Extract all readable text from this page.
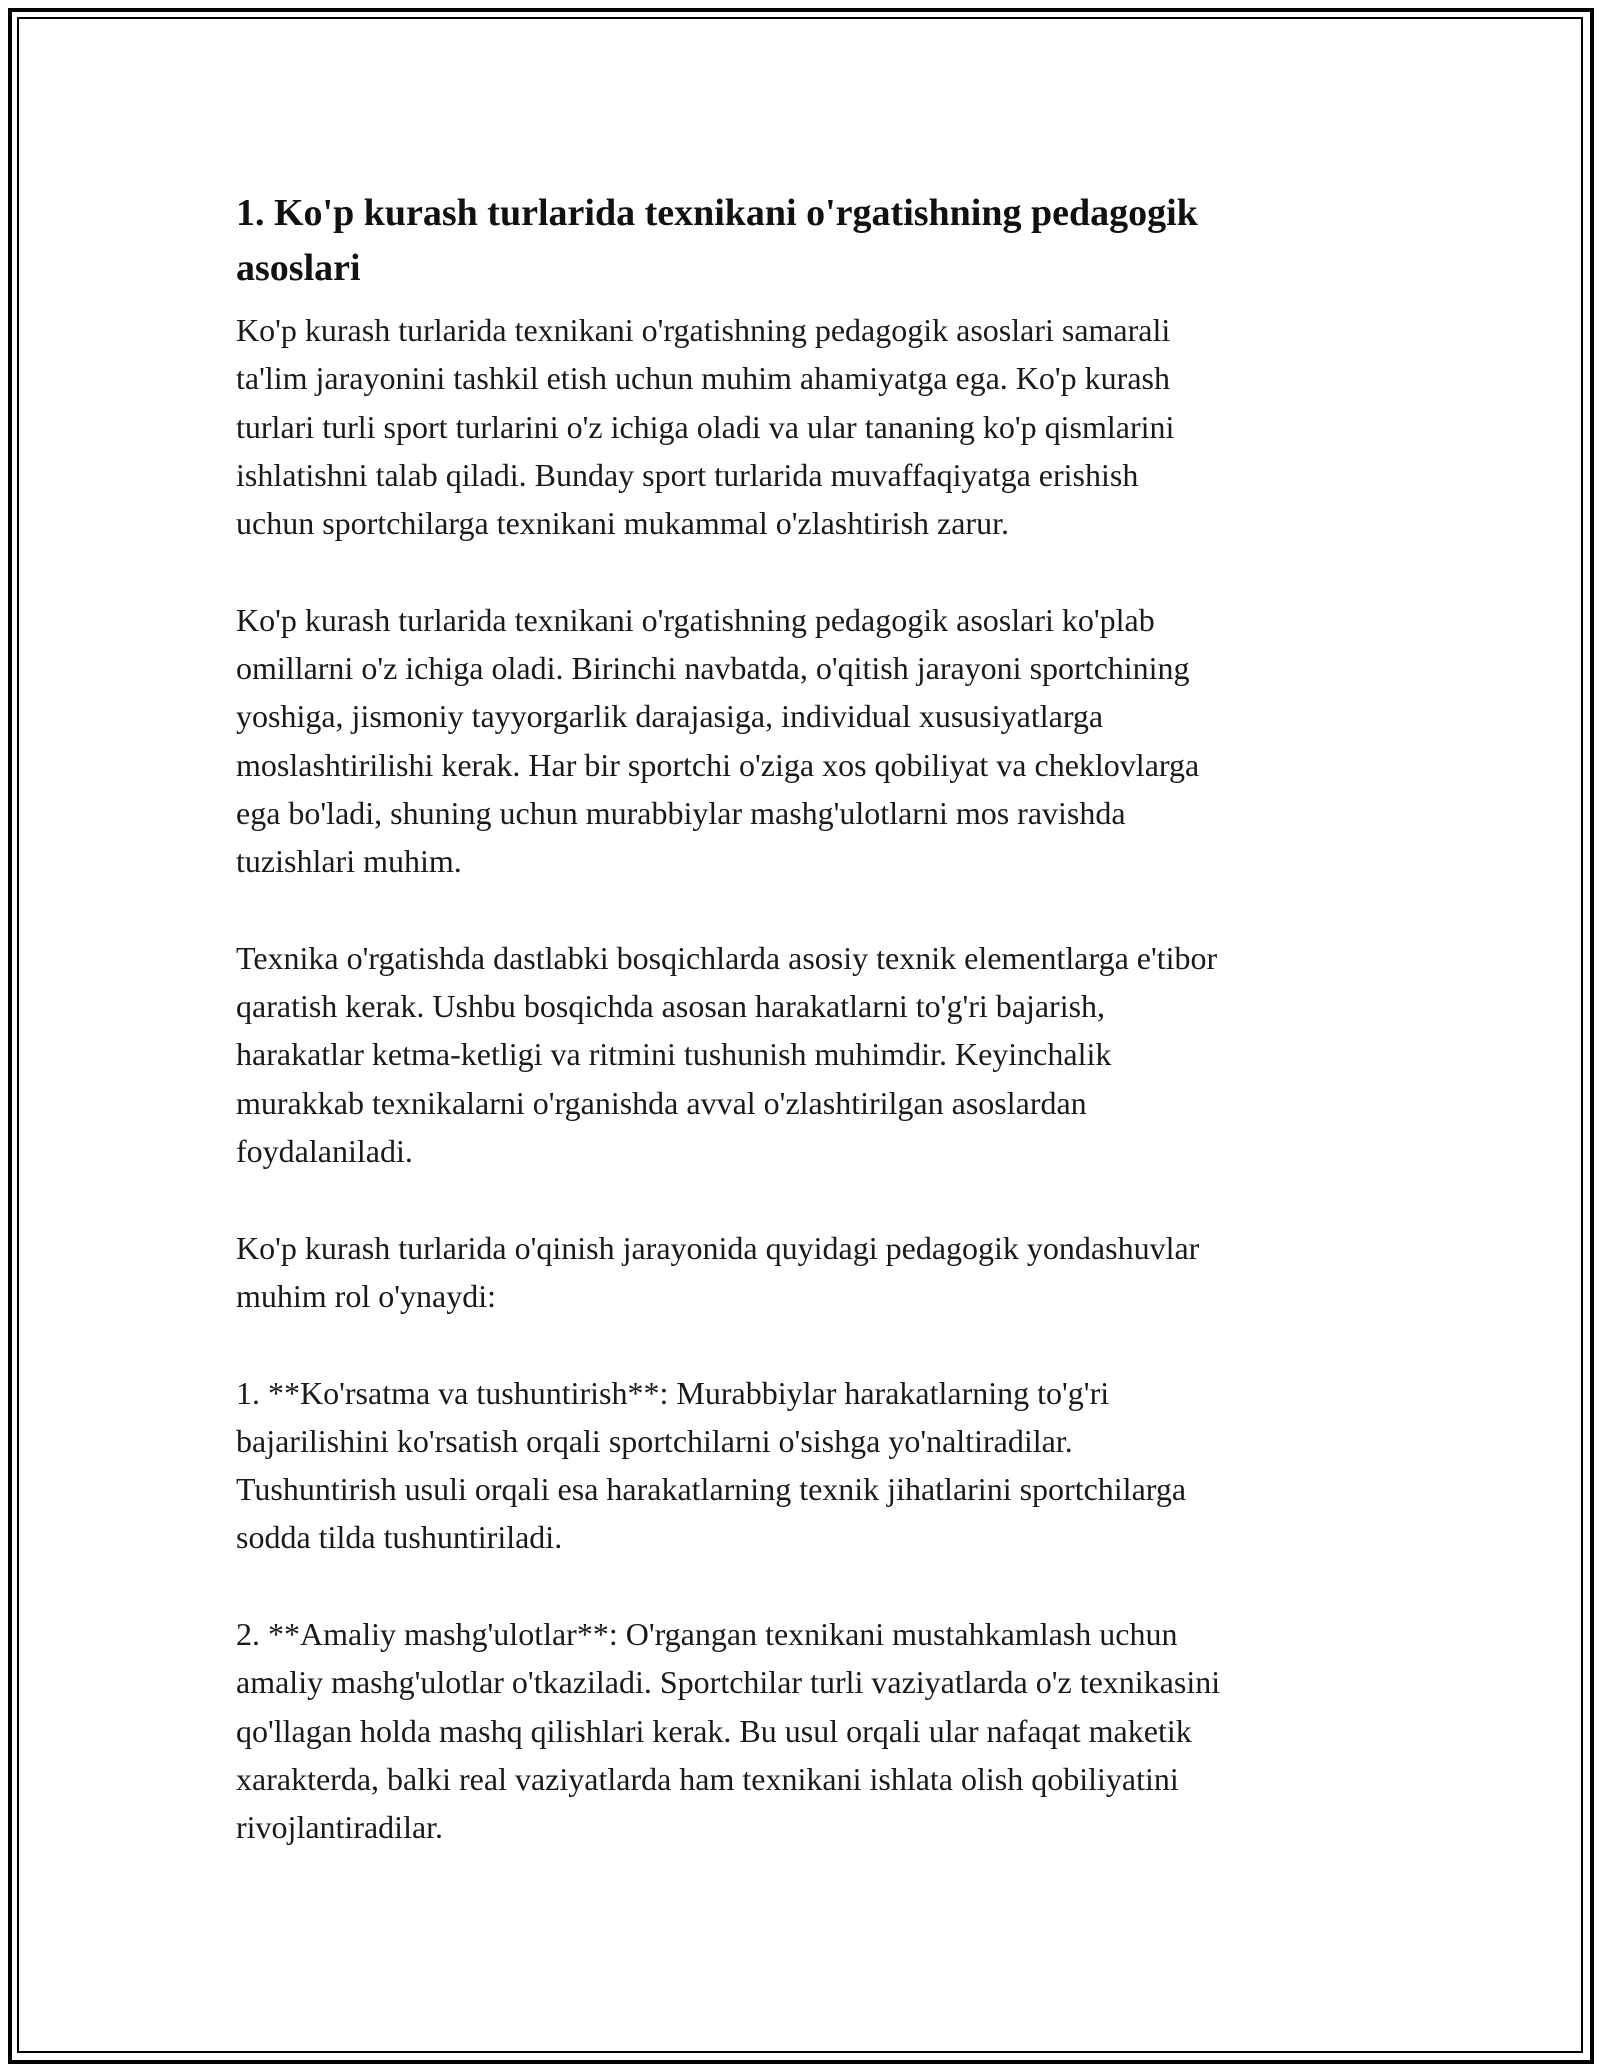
1. Ko'p kurash turlarida texnikani o'rgatishning pedagogik
asoslari

Ko'p kurash turlarida texnikani o'rgatishning pedagogik asoslari samarali
ta'lim jarayonini tashkil etish uchun muhim ahamiyatga ega. Ko'p kurash
turlari turli sport turlarini o'z ichiga oladi va ular tananing ko'p qismlarini
ishlatishni talab qiladi. Bunday sport turlarida muvaffaqiyatga erishish
uchun sportchilarga texnikani mukammal o'zlashtirish zarur.

Ko'p kurash turlarida texnikani o'rgatishning pedagogik asoslari ko'plab
omillarni o'z ichiga oladi. Birinchi navbatda, o'qitish jarayoni sportchining
yoshiga, jismoniy tayyorgarlik darajasiga, individual xususiyatlarga
moslashtirilishi kerak. Har bir sportchi o'ziga xos qobiliyat va cheklovlarga
ega bo'ladi, shuning uchun murabbiylar mashg'ulotlarni mos ravishda
tuzishlari muhim.

Texnika o'rgatishda dastlabki bosqichlarda asosiy texnik elementlarga e'tibor
qaratish kerak. Ushbu bosqichda asosan harakatlarni to'g'ri bajarish,
harakatlar ketma-ketligi va ritmini tushunish muhimdir. Keyinchalik
murakkab texnikalarni o'rganishda avval o'zlashtirilgan asoslardan
foydalaniladi.

Ko'p kurash turlarida o'qinish jarayonida quyidagi pedagogik yondashuvlar
muhim rol o'ynaydi:

1. **Ko'rsatma va tushuntirish**: Murabbiylar harakatlarning to'g'ri
bajarilishini ko'rsatish orqali sportchilarni o'sishga yo'naltiradilar.
Tushuntirish usuli orqali esa harakatlarning texnik jihatlarini sportchilarga
sodda tilda tushuntiriladi.

2. **Amaliy mashg'ulotlar**: O'rgangan texnikani mustahkamlash uchun
amaliy mashg'ulotlar o'tkaziladi. Sportchilar turli vaziyatlarda o'z texnikasini
qo'llagan holda mashq qilishlari kerak. Bu usul orqali ular nafaqat maketik
xarakterda, balki real vaziyatlarda ham texnikani ishlata olish qobiliyatini
rivojlantiradilar.
